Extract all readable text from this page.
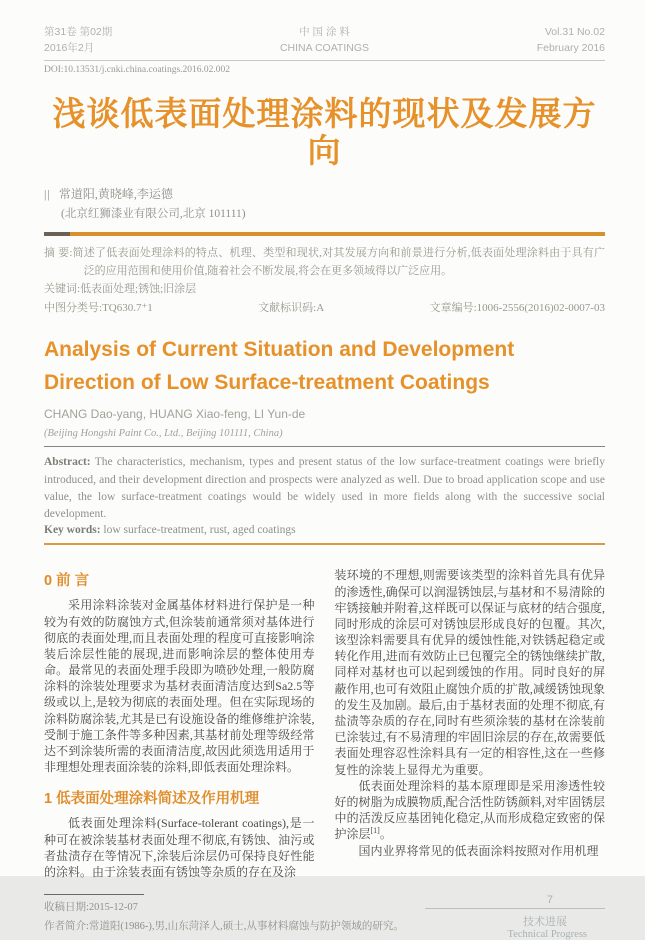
第31卷 第02期
2016年2月
中 国 涂 料
CHINA COATINGS
Vol.31 No.02
February 2016
DOI:10.13531/j.cnki.china.coatings.2016.02.002
浅谈低表面处理涂料的现状及发展方向
|| 常道阳,黄晓峰,李运德
(北京红狮漆业有限公司,北京 101111)

摘 要:简述了低表面处理涂料的特点、机理、类型和现状,对其发展方向和前景进行分析,低表面处理涂料由于具有广泛的应用范围和使用价值,随着社会不断发展,将会在更多领域得以广泛应用。

关键词:低表面处理;锈蚀;旧涂层

中图分类号:TQ630.7⁺1	文献标识码:A	文章编号:1006-2556(2016)02-0007-03
Analysis of Current Situation and Development Direction of Low Surface-treatment Coatings
CHANG Dao-yang, HUANG Xiao-feng, LI Yun-de
(Beijing Hongshi Paint Co., Ltd., Beijing 101111, China)

Abstract: The characteristics, mechanism, types and present status of the low surface-treatment coatings were briefly introduced, and their development direction and prospects were analyzed as well. Due to broad application scope and use value, the low surface-treatment coatings would be widely used in more fields along with the successive social development.

Key words: low surface-treatment, rust, aged coatings

0 前 言

采用涂料涂装对金属基体材料进行保护是一种较为有效的防腐蚀方式,但涂装前通常须对基体进行彻底的表面处理,而且表面处理的程度可直接影响涂装后涂层性能的展现,进而影响涂层的整体使用寿命。最常见的表面处理手段即为喷砂处理,一般防腐涂料的涂装处理要求为基材表面清洁度达到Sa2.5等级或以上,是较为彻底的表面处理。但在实际现场的涂料防腐涂装,尤其是已有设施设备的维修维护涂装,受制于施工条件等多种因素,其基材前处理等级经常达不到涂装所需的表面清洁度,故因此须选用适用于非理想处理表面涂装的涂料,即低表面处理涂料。

1 低表面处理涂料简述及作用机理

低表面处理涂料(Surface-tolerant coatings),是一种可在被涂装基材表面处理不彻底,有锈蚀、油污或者盐渍存在等情况下,涂装后涂层仍可保持良好性能的涂料。由于涂装表面有锈蚀等杂质的存在及涂

装环境的不理想,则需要该类型的涂料首先具有优异的渗透性,确保可以润湿锈蚀层,与基材和不易清除的牢锈接触并附着,这样既可以保证与底材的结合强度,同时形成的涂层可对锈蚀层形成良好的包覆。其次,该型涂料需要具有优异的缓蚀性能,对铁锈起稳定或转化作用,进而有效防止已包覆完全的锈蚀继续扩散,同样对基材也可以起到缓蚀的作用。同时良好的屏蔽作用,也可有效阻止腐蚀介质的扩散,减缓锈蚀现象的发生及加剧。最后,由于基材表面的处理不彻底,有盐渍等杂质的存在,同时有些须涂装的基材在涂装前已涂装过,有不易清理的牢固旧涂层的存在,故需要低表面处理容忍性涂料具有一定的相容性,这在一些修复性的涂装上显得尤为重要。

低表面处理涂料的基本原理即是采用渗透性较好的树脂为成膜物质,配合活性防锈颜料,对牢固锈层中的活泼反应基团钝化稳定,从而形成稳定致密的保护涂层[1]。

国内业界将常见的低表面涂料按照对作用机理

收稿日期:2015-12-07
作者简介:常道阳(1986-),男,山东菏泽人,硕士,从事材料腐蚀与防护领域的研究。
7
技术进展
Technical Progress
